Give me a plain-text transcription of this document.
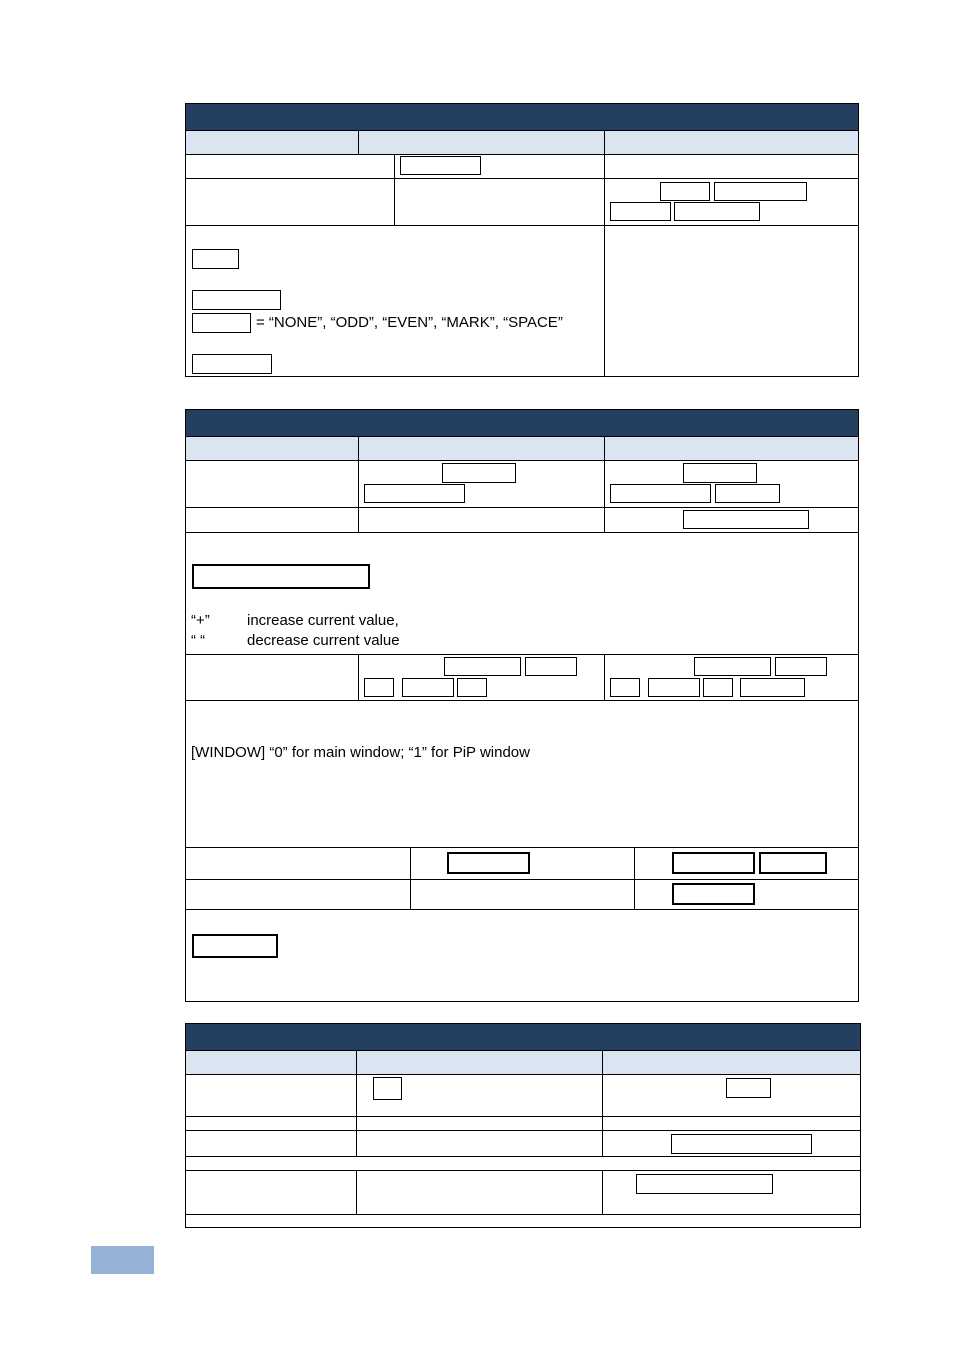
= “NONE”, “ODD”, “EVEN”, “MARK”, “SPACE”
“+” increase current value,
“ “	decrease current value
[WINDOW] “0” for main window; “1” for PiP window
